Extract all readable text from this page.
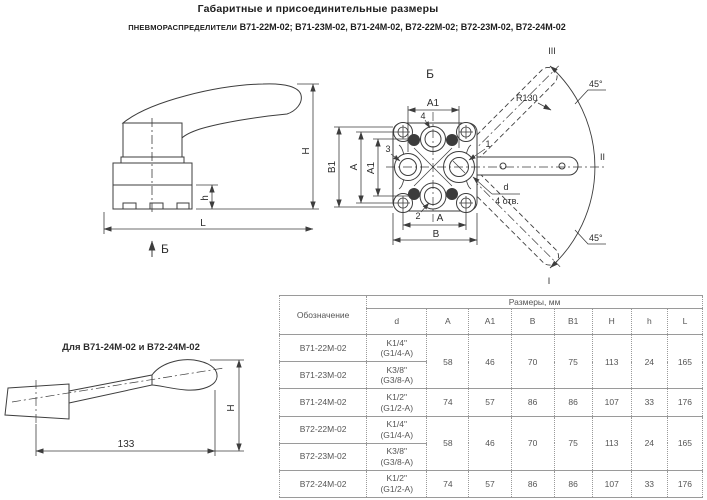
Габаритные и присоединительные размеры
ПНЕВМОРАСПРЕДЕЛИТЕЛИ В71-22М-02; В71-23М-02, В71-24М-02, В72-22М-02; В72-23М-02, В72-24М-02
H
h
L
Б
Б
45°
45°
R130
III
II
I
A1
4
B1 A A1
3	1
2 A
B
d
4 отв.
Для В71-24М-02 и В72-24М-02
133
H
Обозначение	Размеры, мм							
	d	A	A1	B	B1	H	h	L
В71-22М-02	K1/4"
(G1/4-A)	58	46	70	75	113	24	165
В71-23М-02	K3/8"
(G3/8-A)							

В71-24М-02	K1/2"
(G1/2-A)	74	57	86	86	107	33	176
В72-22М-02	K1/4"
(G1/4-A)	58	46	70	75	113	24	165
В72-23М-02	K3/8"
(G3/8-A)							

В72-24М-02	K1/2"
(G1/2-A)	74	57	86	86	107	33	176
